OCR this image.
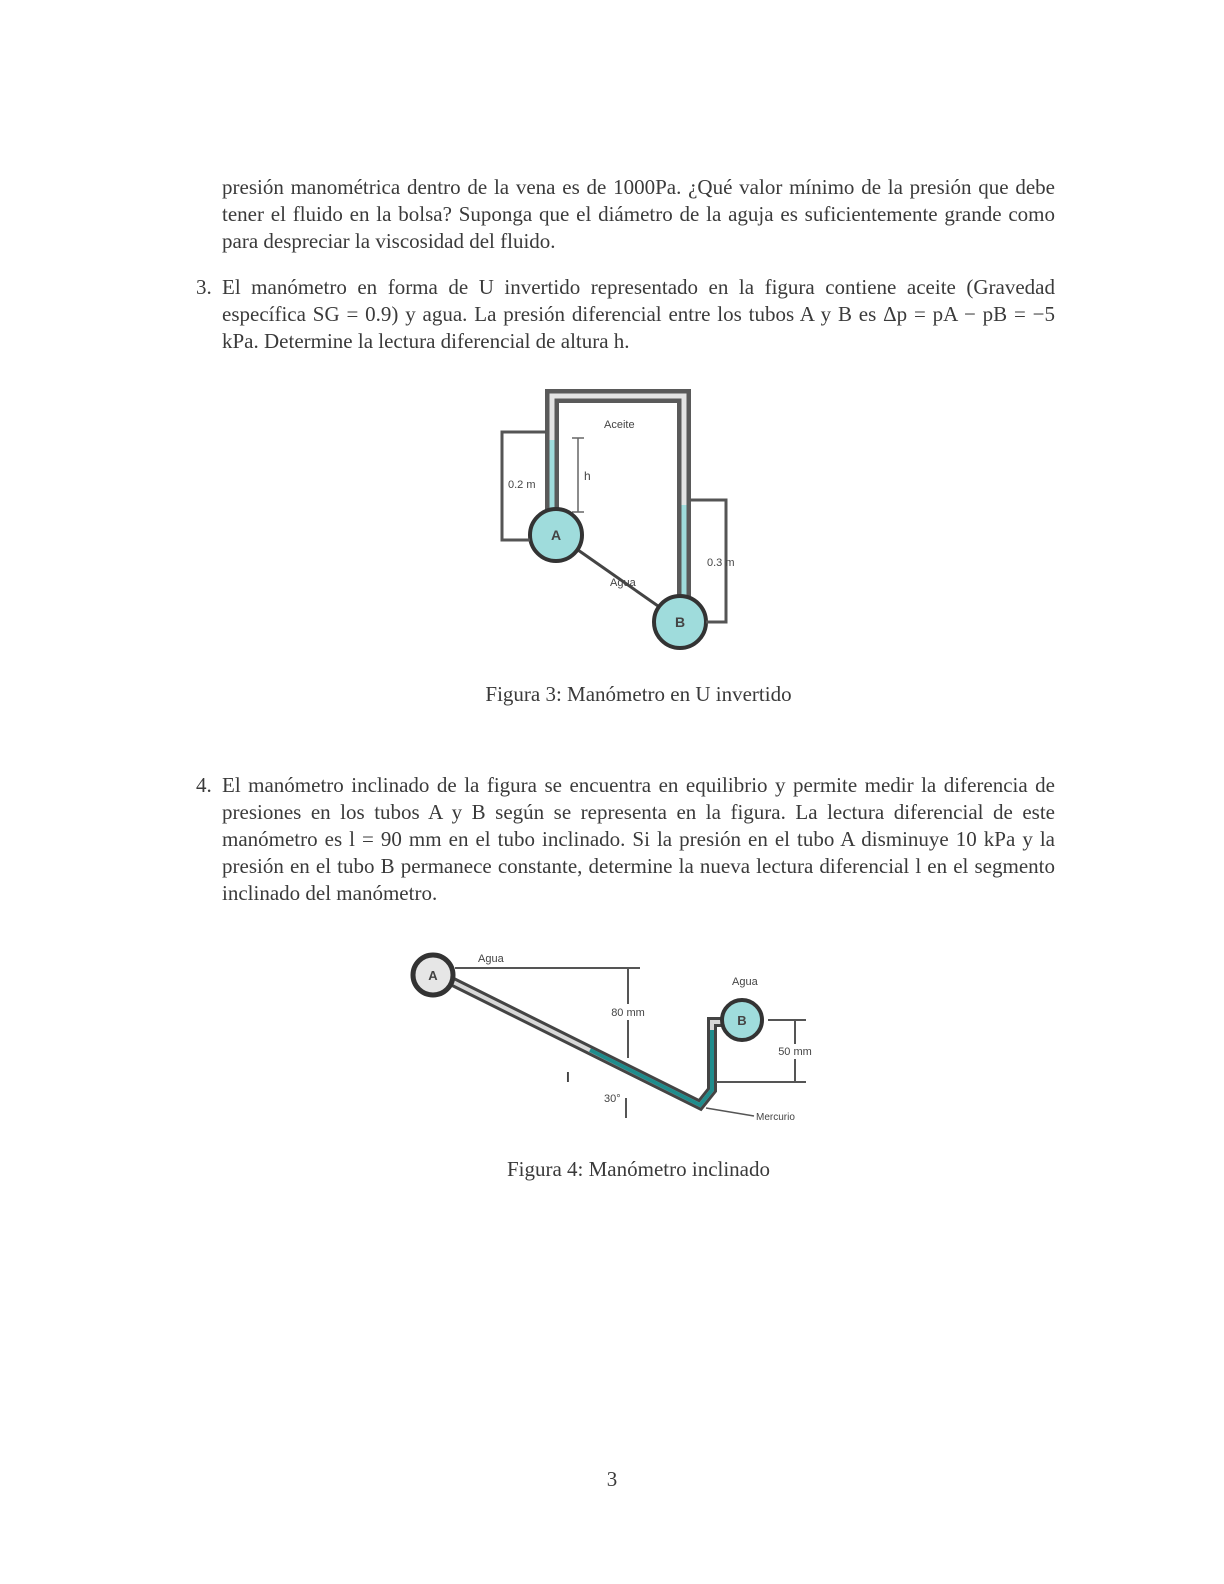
presión manométrica dentro de la vena es de 1000Pa. ¿Qué valor mínimo de la presión que debe tener el fluido en la bolsa? Suponga que el diámetro de la aguja es suficientemente grande como para despreciar la viscosidad del fluido.
3. El manómetro en forma de U invertido representado en la figura contiene aceite (Gravedad específica SG = 0.9) y agua. La presión diferencial entre los tubos A y B es Δp = pA − pB = −5 kPa. Determine la lectura diferencial de altura h.
h
Aceite
Agua
A
B
0.2 m
0.3 m
Figura 3: Manómetro en U invertido
4. El manómetro inclinado de la figura se encuentra en equilibrio y permite medir la diferencia de presiones en los tubos A y B según se representa en la figura. La lectura diferencial de este manómetro es l = 90 mm en el tubo inclinado. Si la presión en el tubo A disminuye 10 kPa y la presión en el tubo B permanece constante, determine la nueva lectura diferencial l en el segmento inclinado del manómetro.
Agua
l
A
B
Agua
80 mm
50 mm
30°
Mercurio
Figura 4: Manómetro inclinado
3
